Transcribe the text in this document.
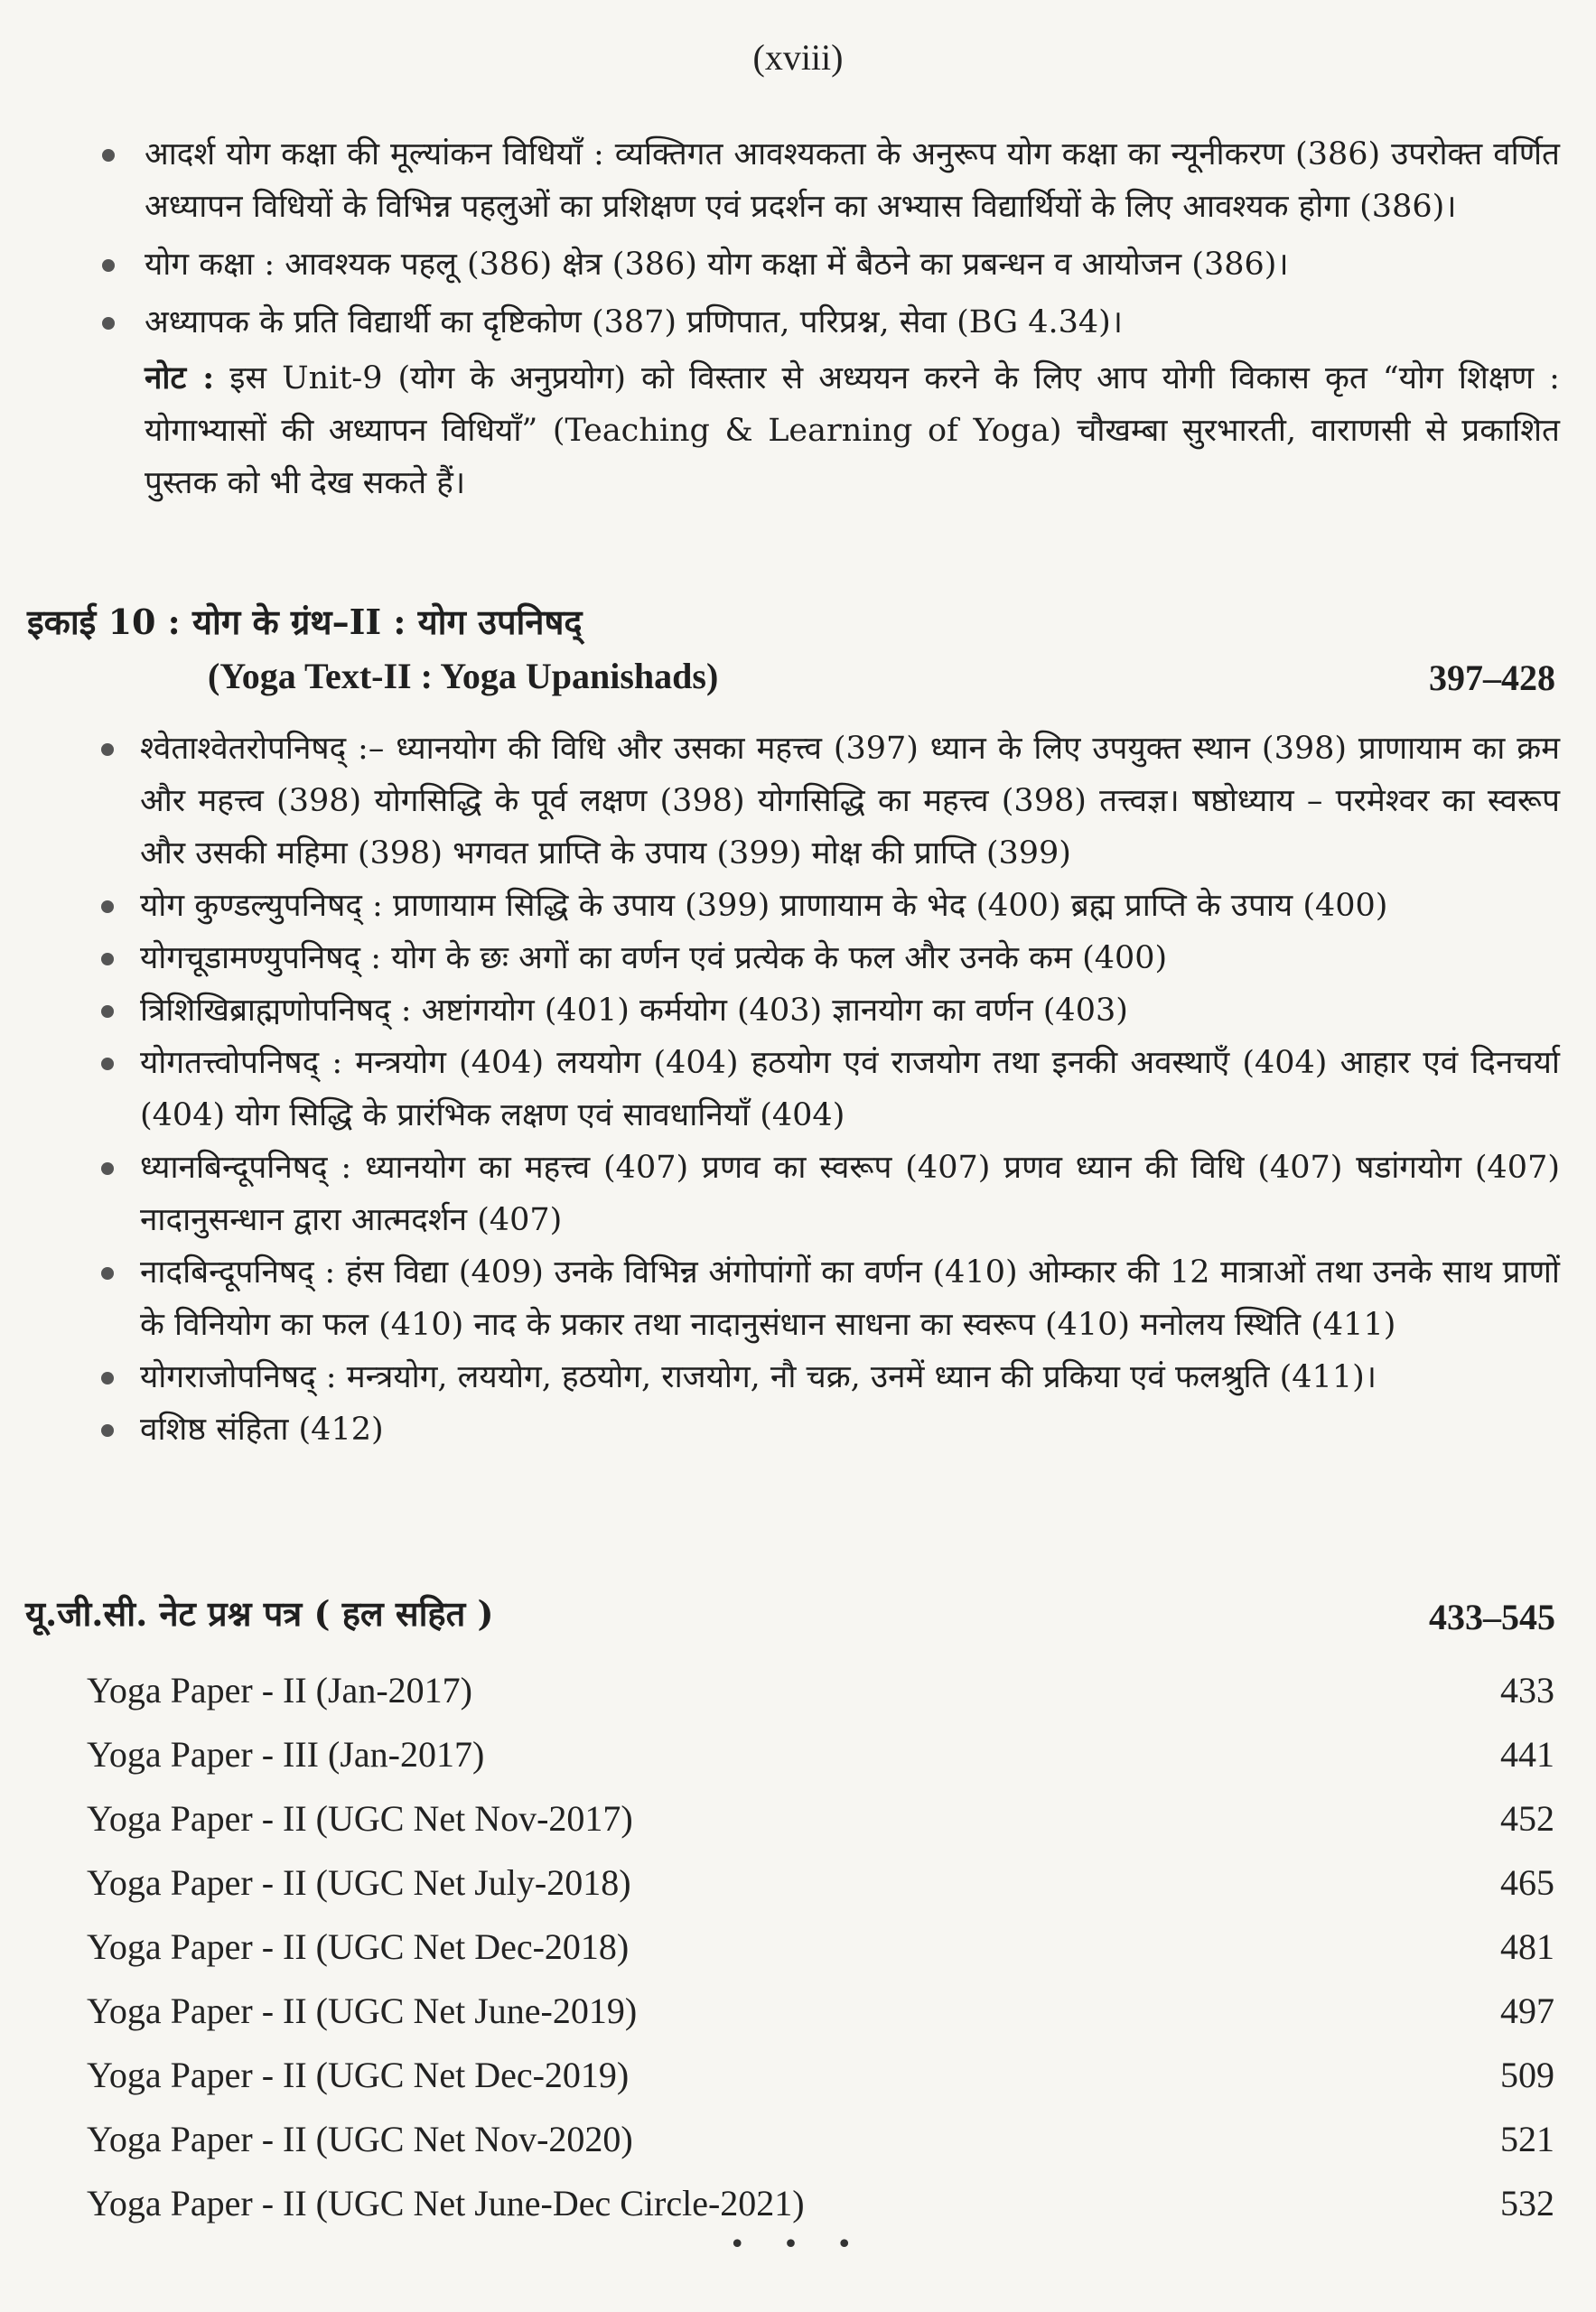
(xviii)
आदर्श योग कक्षा की मूल्यांकन विधियाँ : व्यक्तिगत आवश्यकता के अनुरूप योग कक्षा का न्यूनीकरण (386) उपरोक्त वर्णित अध्यापन विधियों के विभिन्न पहलुओं का प्रशिक्षण एवं प्रदर्शन का अभ्यास विद्यार्थियों के लिए आवश्यक होगा (386)।
योग कक्षा : आवश्यक पहलू (386) क्षेत्र (386) योग कक्षा में बैठने का प्रबन्धन व आयोजन (386)।
अध्यापक के प्रति विद्यार्थी का दृष्टिकोण (387) प्रणिपात, परिप्रश्न, सेवा (BG 4.34)।
नोट : इस Unit-9 (योग के अनुप्रयोग) को विस्तार से अध्ययन करने के लिए आप योगी विकास कृत “योग शिक्षण : योगाभ्यासों की अध्यापन विधियाँ” (Teaching & Learning of Yoga) चौखम्बा सुरभारती, वाराणसी से प्रकाशित पुस्तक को भी देख सकते हैं।
इकाई 10 : योग के ग्रंथ–II : योग उपनिषद्
(Yoga Text-II : Yoga Upanishads)	397–428
श्वेताश्वेतरोपनिषद् :– ध्यानयोग की विधि और उसका महत्त्व (397) ध्यान के लिए उपयुक्त स्थान (398) प्राणायाम का क्रम और महत्त्व (398) योगसिद्धि के पूर्व लक्षण (398) योगसिद्धि का महत्त्व (398) तत्त्वज्ञ। षष्ठोध्याय – परमेश्वर का स्वरूप और उसकी महिमा (398) भगवत प्राप्ति के उपाय (399) मोक्ष की प्राप्ति (399)
योग कुण्डल्युपनिषद् : प्राणायाम सिद्धि के उपाय (399) प्राणायाम के भेद (400) ब्रह्म प्राप्ति के उपाय (400)
योगचूडामण्युपनिषद् : योग के छः अगों का वर्णन एवं प्रत्येक के फल और उनके कम (400)
त्रिशिखिब्राह्मणोपनिषद् : अष्टांगयोग (401) कर्मयोग (403) ज्ञानयोग का वर्णन (403)
योगतत्त्वोपनिषद् : मन्त्रयोग (404) लययोग (404) हठयोग एवं राजयोग तथा इनकी अवस्थाएँ (404) आहार एवं दिनचर्या (404) योग सिद्धि के प्रारंभिक लक्षण एवं सावधानियाँ (404)
ध्यानबिन्दूपनिषद् : ध्यानयोग का महत्त्व (407) प्रणव का स्वरूप (407) प्रणव ध्यान की विधि (407) षडांगयोग (407) नादानुसन्धान द्वारा आत्मदर्शन (407)
नादबिन्दूपनिषद् : हंस विद्या (409) उनके विभिन्न अंगोपांगों का वर्णन (410) ओम्कार की 12 मात्राओं तथा उनके साथ प्राणों के विनियोग का फल (410) नाद के प्रकार तथा नादानुसंधान साधना का स्वरूप (410) मनोलय स्थिति (411)
योगराजोपनिषद् : मन्त्रयोग, लययोग, हठयोग, राजयोग, नौ चक्र, उनमें ध्यान की प्रकिया एवं फलश्रुति (411)।
वशिष्ठ संहिता (412)
यू.जी.सी. नेट प्रश्न पत्र ( हल सहित )	433–545
Yoga Paper - II (Jan-2017)	433
Yoga Paper - III (Jan-2017)	441
Yoga Paper - II (UGC Net Nov-2017)	452
Yoga Paper - II (UGC Net July-2018)	465
Yoga Paper - II (UGC Net Dec-2018)	481
Yoga Paper - II (UGC Net June-2019)	497
Yoga Paper - II (UGC Net Dec-2019)	509
Yoga Paper - II (UGC Net Nov-2020)	521
Yoga Paper - II (UGC Net June-Dec Circle-2021)	532
• • •
